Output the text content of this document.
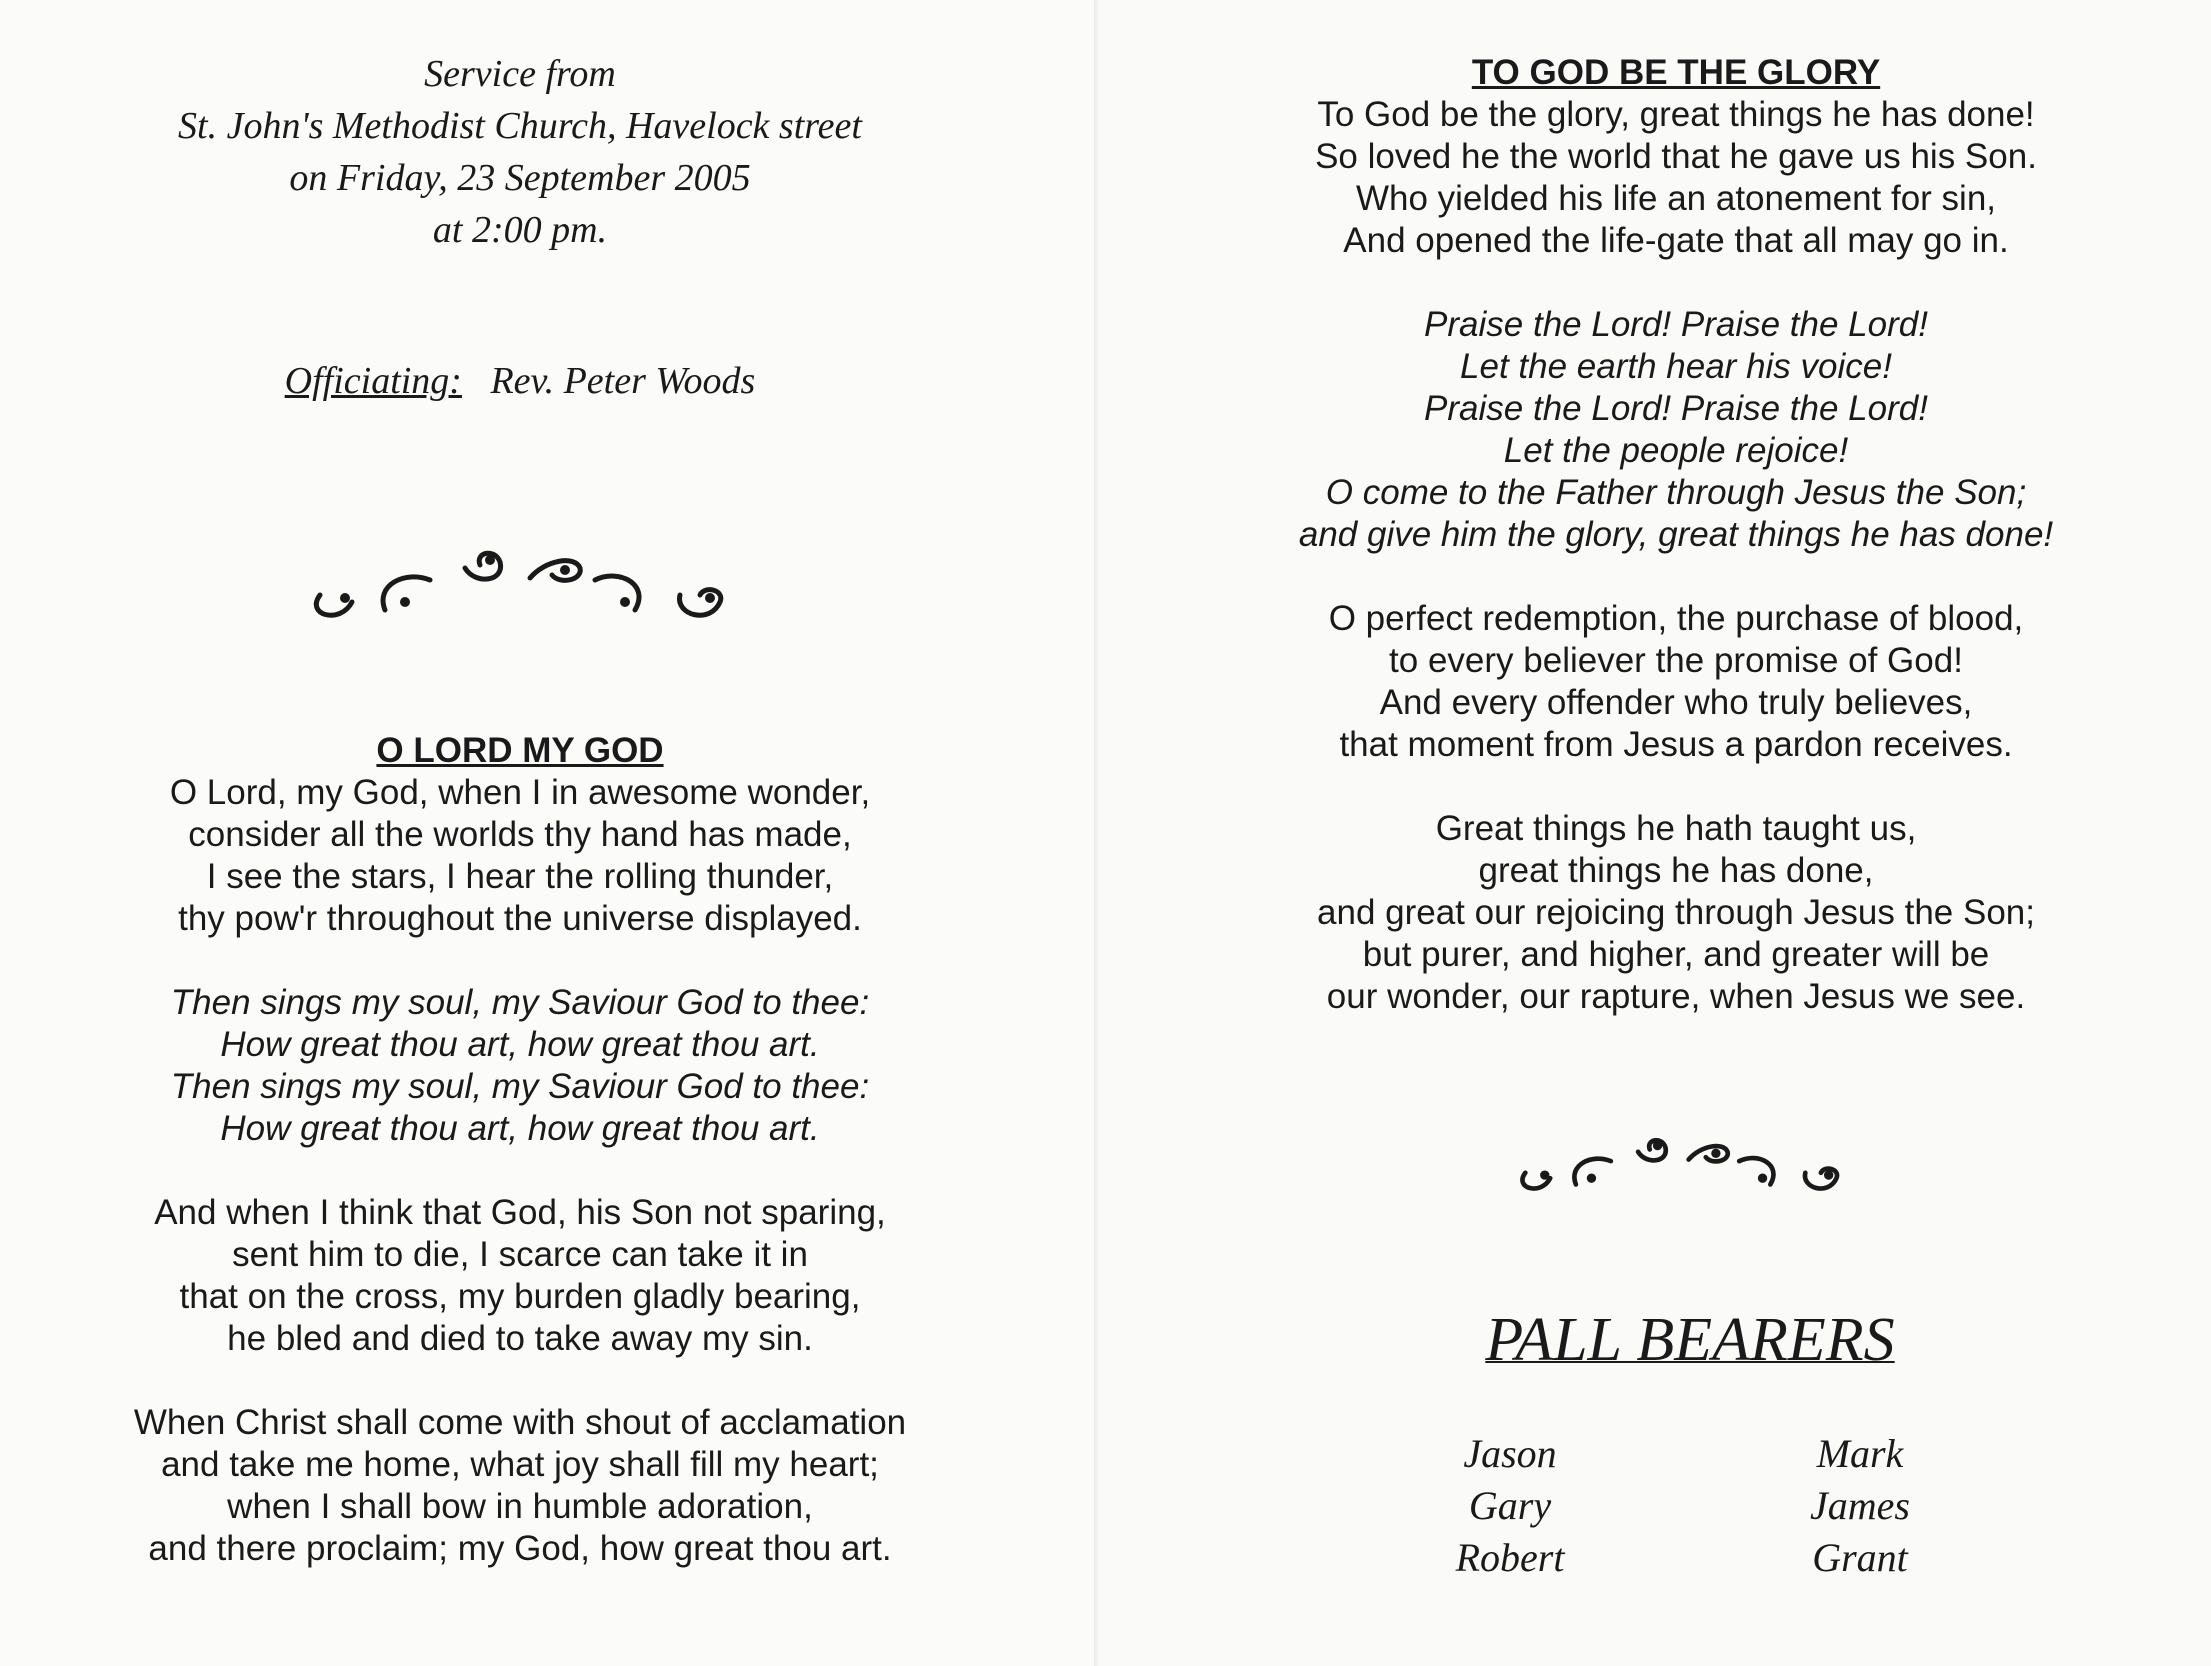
Service from
St. John's Methodist Church, Havelock street
on Friday, 23 September 2005
at 2:00 pm.
Officiating: Rev. Peter Woods
O LORD MY GOD
O Lord, my God, when I in awesome wonder,
consider all the worlds thy hand has made,
I see the stars, I hear the rolling thunder,
thy pow'r throughout the universe displayed.
Then sings my soul, my Saviour God to thee:
How great thou art, how great thou art.
Then sings my soul, my Saviour God to thee:
How great thou art, how great thou art.
And when I think that God, his Son not sparing,
sent him to die, I scarce can take it in
that on the cross, my burden gladly bearing,
he bled and died to take away my sin.
When Christ shall come with shout of acclamation
and take me home, what joy shall fill my heart;
when I shall bow in humble adoration,
and there proclaim; my God, how great thou art.
TO GOD BE THE GLORY
To God be the glory, great things he has done!
So loved he the world that he gave us his Son.
Who yielded his life an atonement for sin,
And opened the life-gate that all may go in.
Praise the Lord! Praise the Lord!
Let the earth hear his voice!
Praise the Lord! Praise the Lord!
Let the people rejoice!
O come to the Father through Jesus the Son;
and give him the glory, great things he has done!
O perfect redemption, the purchase of blood,
to every believer the promise of God!
And every offender who truly believes,
that moment from Jesus a pardon receives.
Great things he hath taught us,
great things he has done,
and great our rejoicing through Jesus the Son;
but purer, and higher, and greater will be
our wonder, our rapture, when Jesus we see.
PALL BEARERS
Jason
Gary
Robert
Mark
James
Grant
